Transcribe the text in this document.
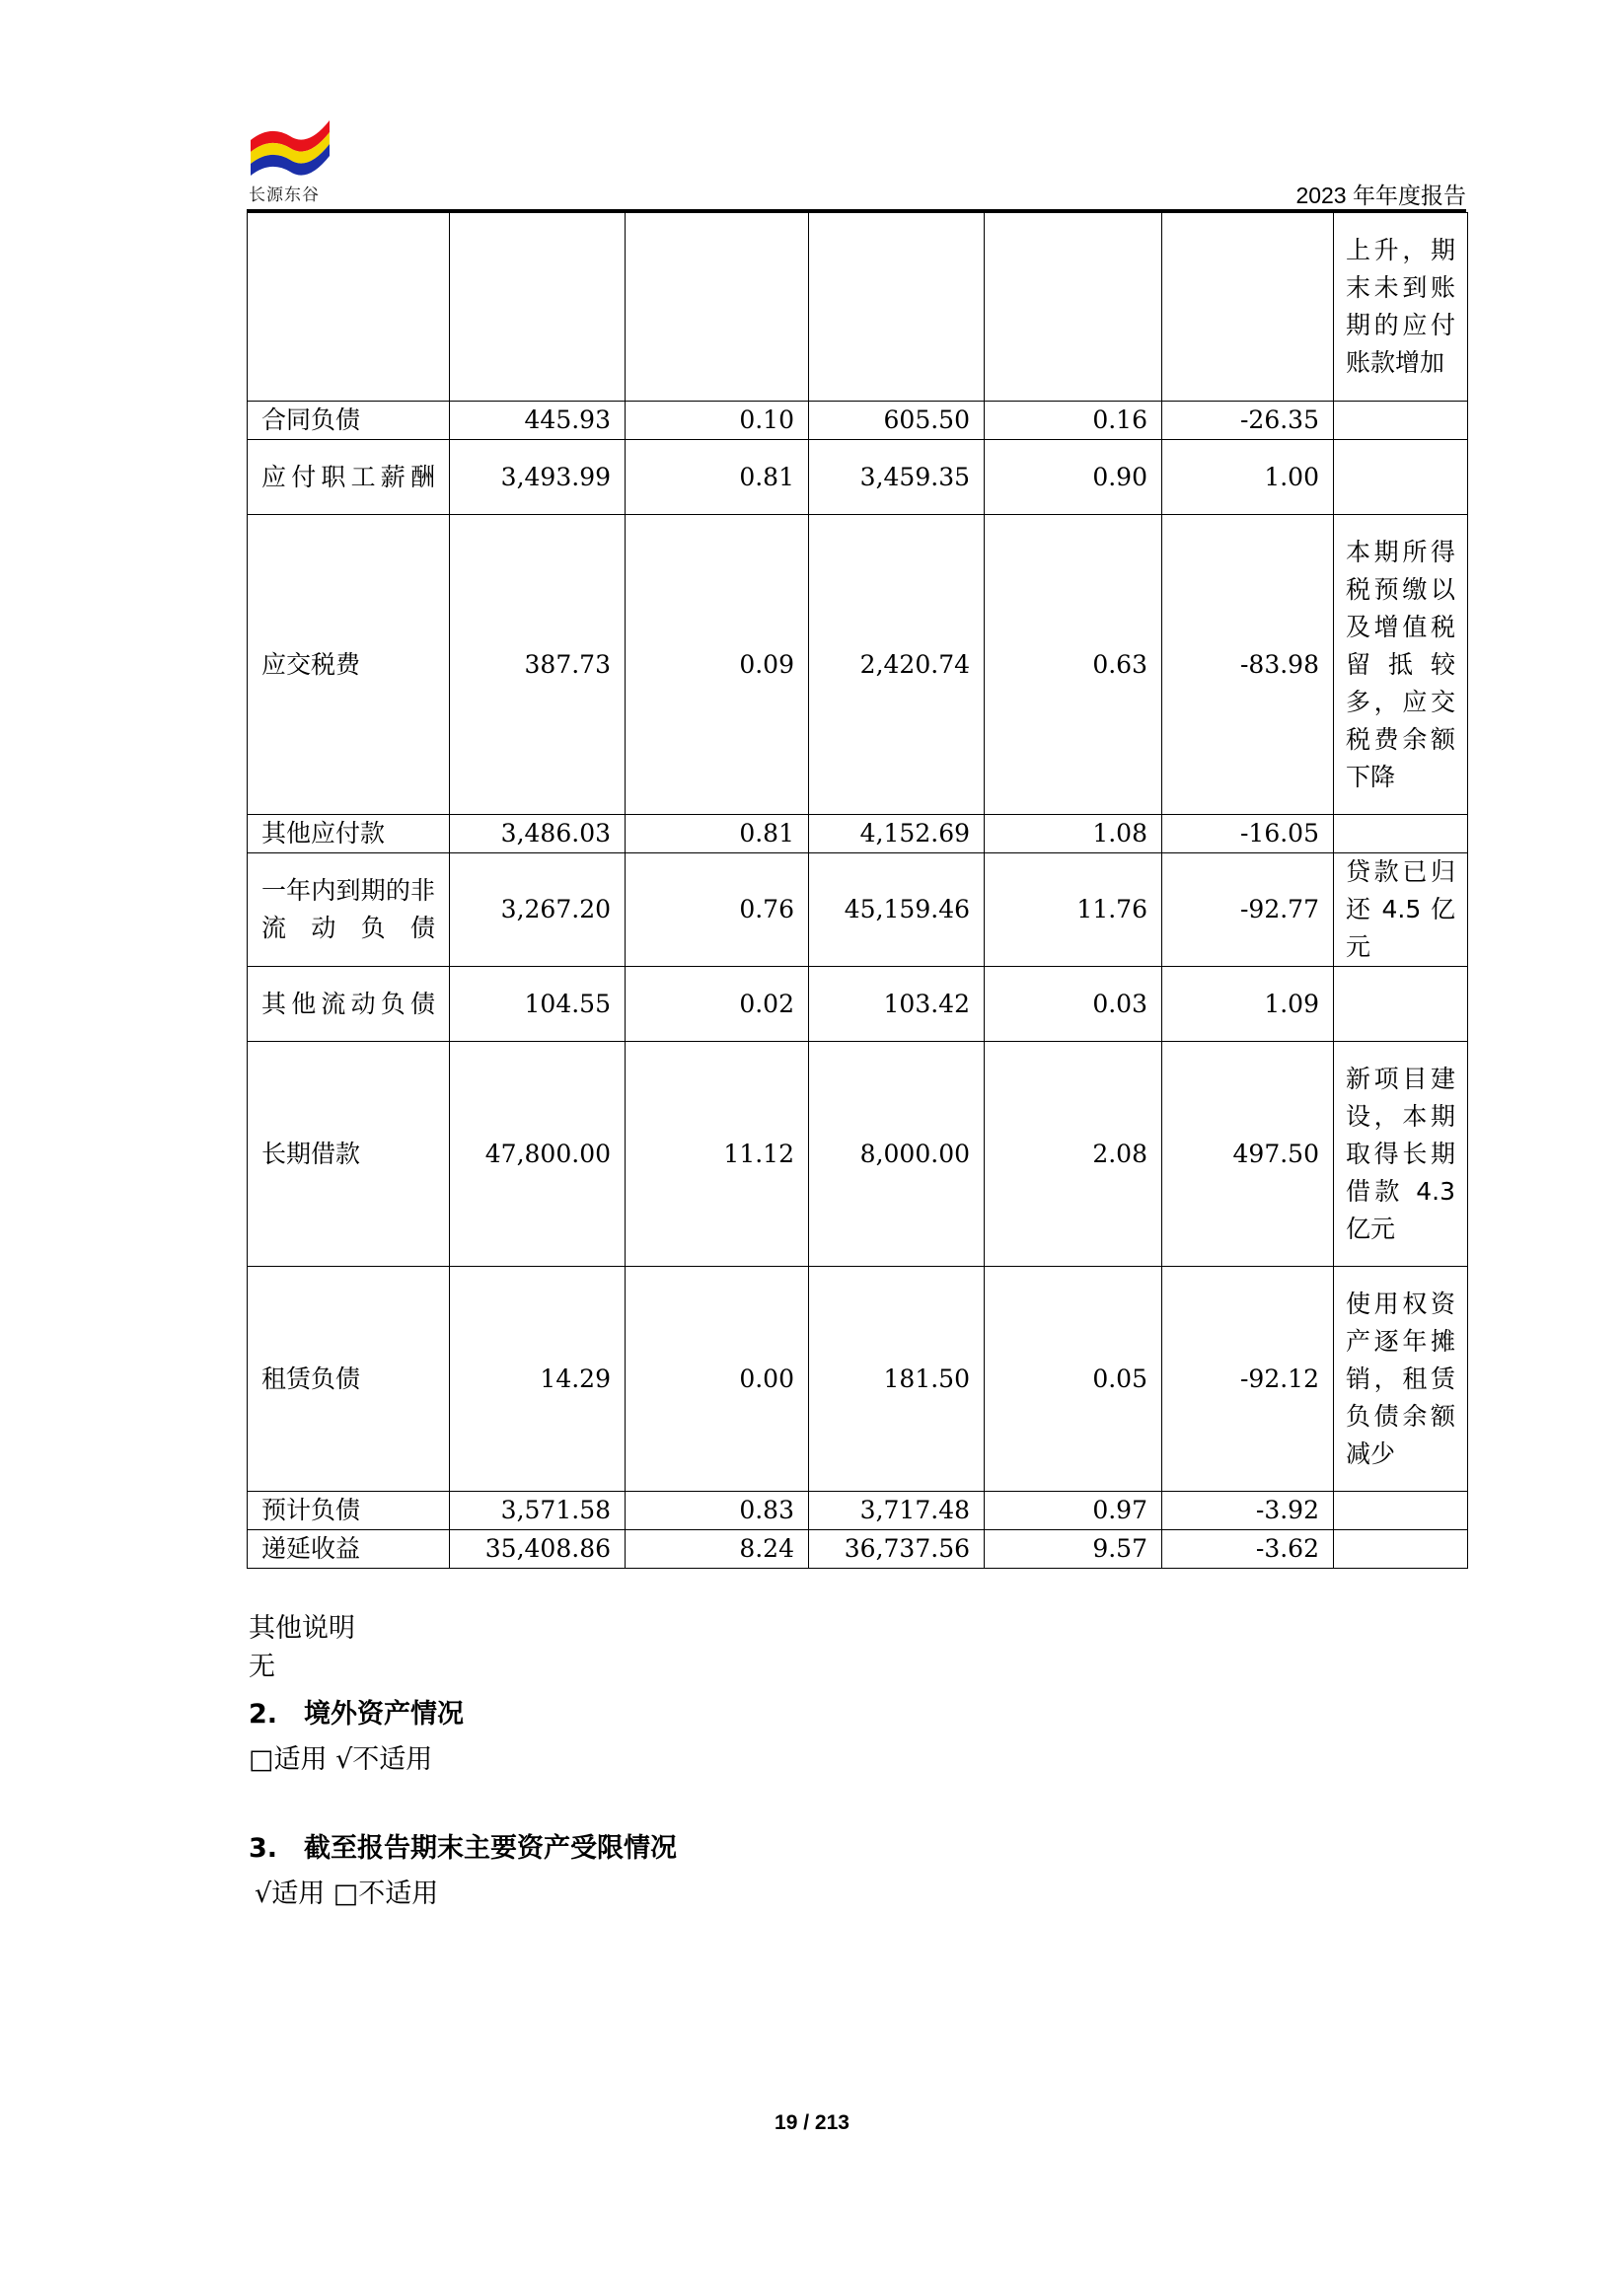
长源东谷	2023 年年度报告
						上升，期末未到账期的应付账款增加
合同负债	445.93	0.10	605.50	0.16	-26.35	
应付职工薪酬	3,493.99	0.81	3,459.35	0.90	1.00	
应交税费	387.73	0.09	2,420.74	0.63	-83.98	本期所得税预缴以及增值税留抵较多，应交税费余额下降
其他应付款	3,486.03	0.81	4,152.69	1.08	-16.05	
一年内到期的非流动负债	3,267.20	0.76	45,159.46	11.76	-92.77	贷款已归还 4.5 亿元
其他流动负债	104.55	0.02	103.42	0.03	1.09	
长期借款	47,800.00	11.12	8,000.00	2.08	497.50	新项目建设，本期取得长期借款 4.3 亿元
租赁负债	14.29	0.00	181.50	0.05	-92.12	使用权资产逐年摊销，租赁负债余额减少
预计负债	3,571.58	0.83	3,717.48	0.97	-3.92	
递延收益	35,408.86	8.24	36,737.56	9.57	-3.62	
其他说明
无
2.　境外资产情况
□适用 √不适用
3.　截至报告期末主要资产受限情况
√适用 □不适用
19 / 213
